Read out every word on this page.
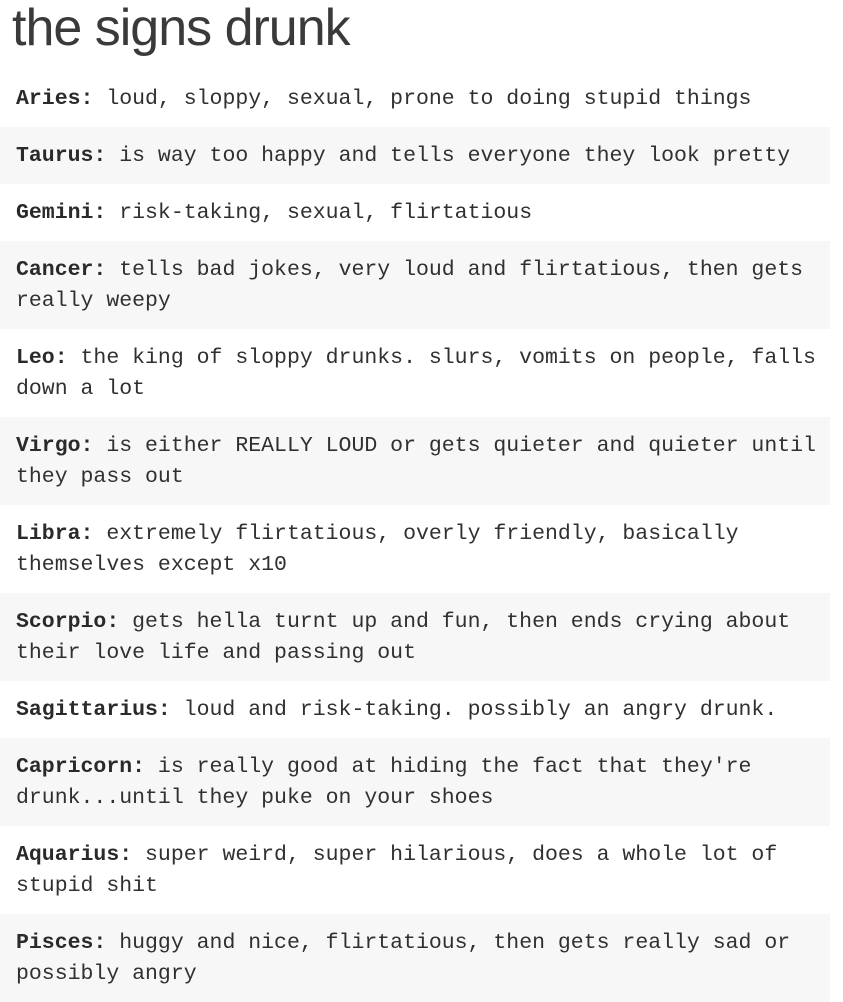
the signs drunk
Aries: loud, sloppy, sexual, prone to doing stupid things
Taurus: is way too happy and tells everyone they look pretty
Gemini: risk-taking, sexual, flirtatious
Cancer: tells bad jokes, very loud and flirtatious, then gets really weepy
Leo: the king of sloppy drunks. slurs, vomits on people, falls down a lot
Virgo: is either REALLY LOUD or gets quieter and quieter until they pass out
Libra: extremely flirtatious, overly friendly, basically themselves except x10
Scorpio: gets hella turnt up and fun, then ends crying about their love life and passing out
Sagittarius: loud and risk-taking. possibly an angry drunk.
Capricorn: is really good at hiding the fact that they're drunk...until they puke on your shoes
Aquarius: super weird, super hilarious, does a whole lot of stupid shit
Pisces: huggy and nice, flirtatious, then gets really sad or possibly angry
